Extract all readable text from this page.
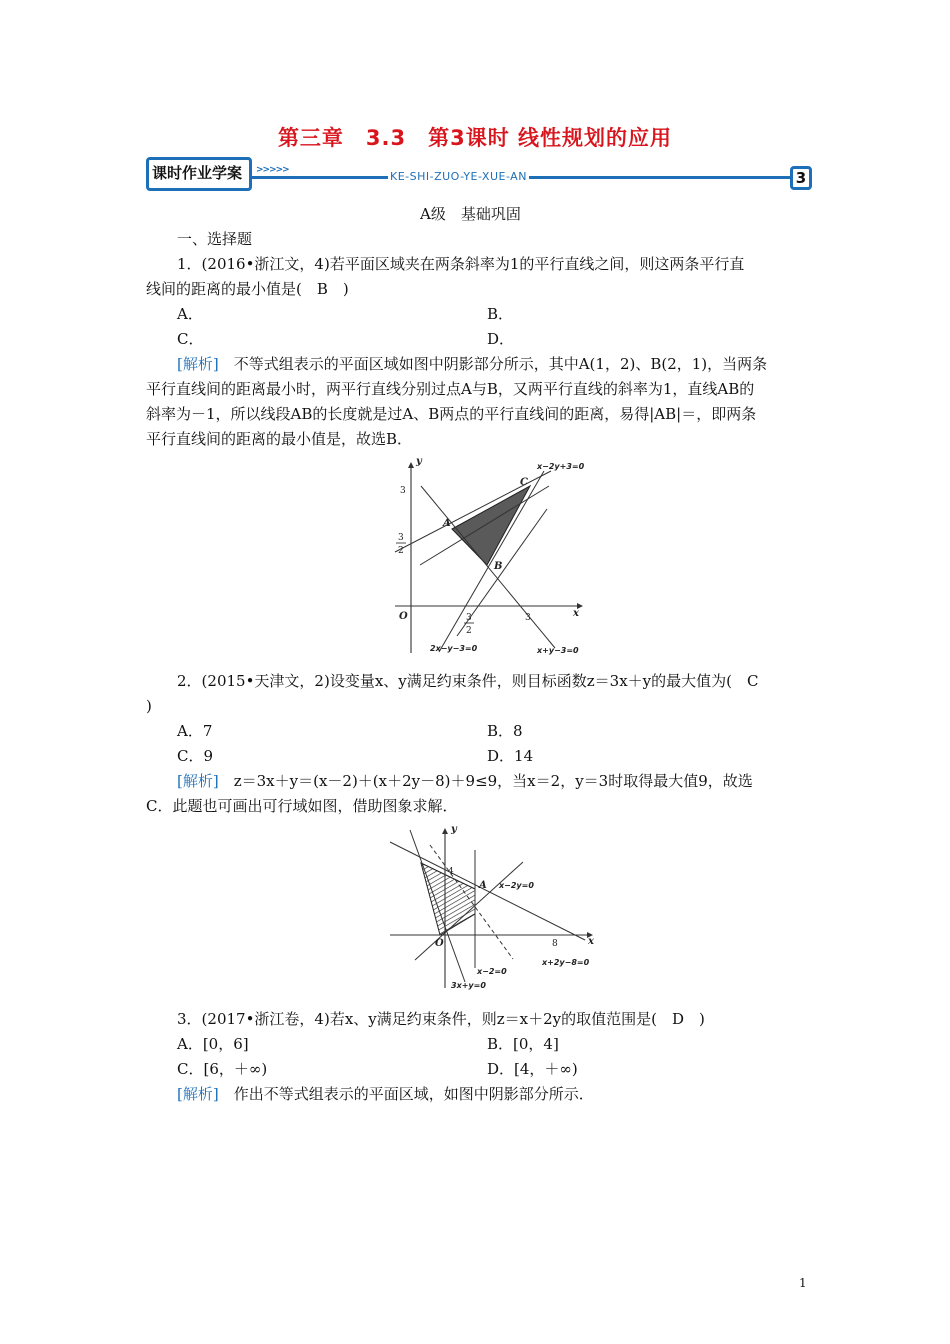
第三章　3.3　第3课时 线性规划的应用
课时作业学案 >>>>>	KE-SHI-ZUO-YE-XUE-AN	3
A级　基础巩固
一、选择题
1．(2016•浙江文，4)若平面区域夹在两条斜率为1的平行直线之间，则这两条平行直
线间的距离的最小值是(　B　)
A．	B．
C．	D．
[解析]　不等式组表示的平面区域如图中阴影部分所示，其中A(1，2)、B(2，1)，当两条
平行直线间的距离最小时，两平行直线分别过点A与B，又两平行直线的斜率为1，直线AB的
斜率为－1，所以线段AB的长度就是过A、B两点的平行直线间的距离，易得|AB|＝，即两条
平行直线间的距离的最小值是，故选B．
y
x
O
A
B
C
3
3
2
3
2
3
x−2y+3=0
2x−y−3=0	x+y−3=0
2．(2015•天津文，2)设变量x、y满足约束条件，则目标函数z＝3x＋y的最大值为(　C
)
A．7	B．8
C．9	D．14
[解析]　z＝3x＋y＝(x－2)＋(x＋2y－8)＋9≤9，当x＝2，y＝3时取得最大值9，故选
C．此题也可画出可行域如图，借助图象求解．
y
x
O
A
4
8
x−2y=0
x+2y−8=0
x−2=0
3x+y=0
3．(2017•浙江卷，4)若x、y满足约束条件，则z＝x＋2y的取值范围是(　D　)
A．[0，6]	B．[0，4]
C．[6，＋∞)	D．[4，＋∞)
[解析]　作出不等式组表示的平面区域，如图中阴影部分所示．
1
